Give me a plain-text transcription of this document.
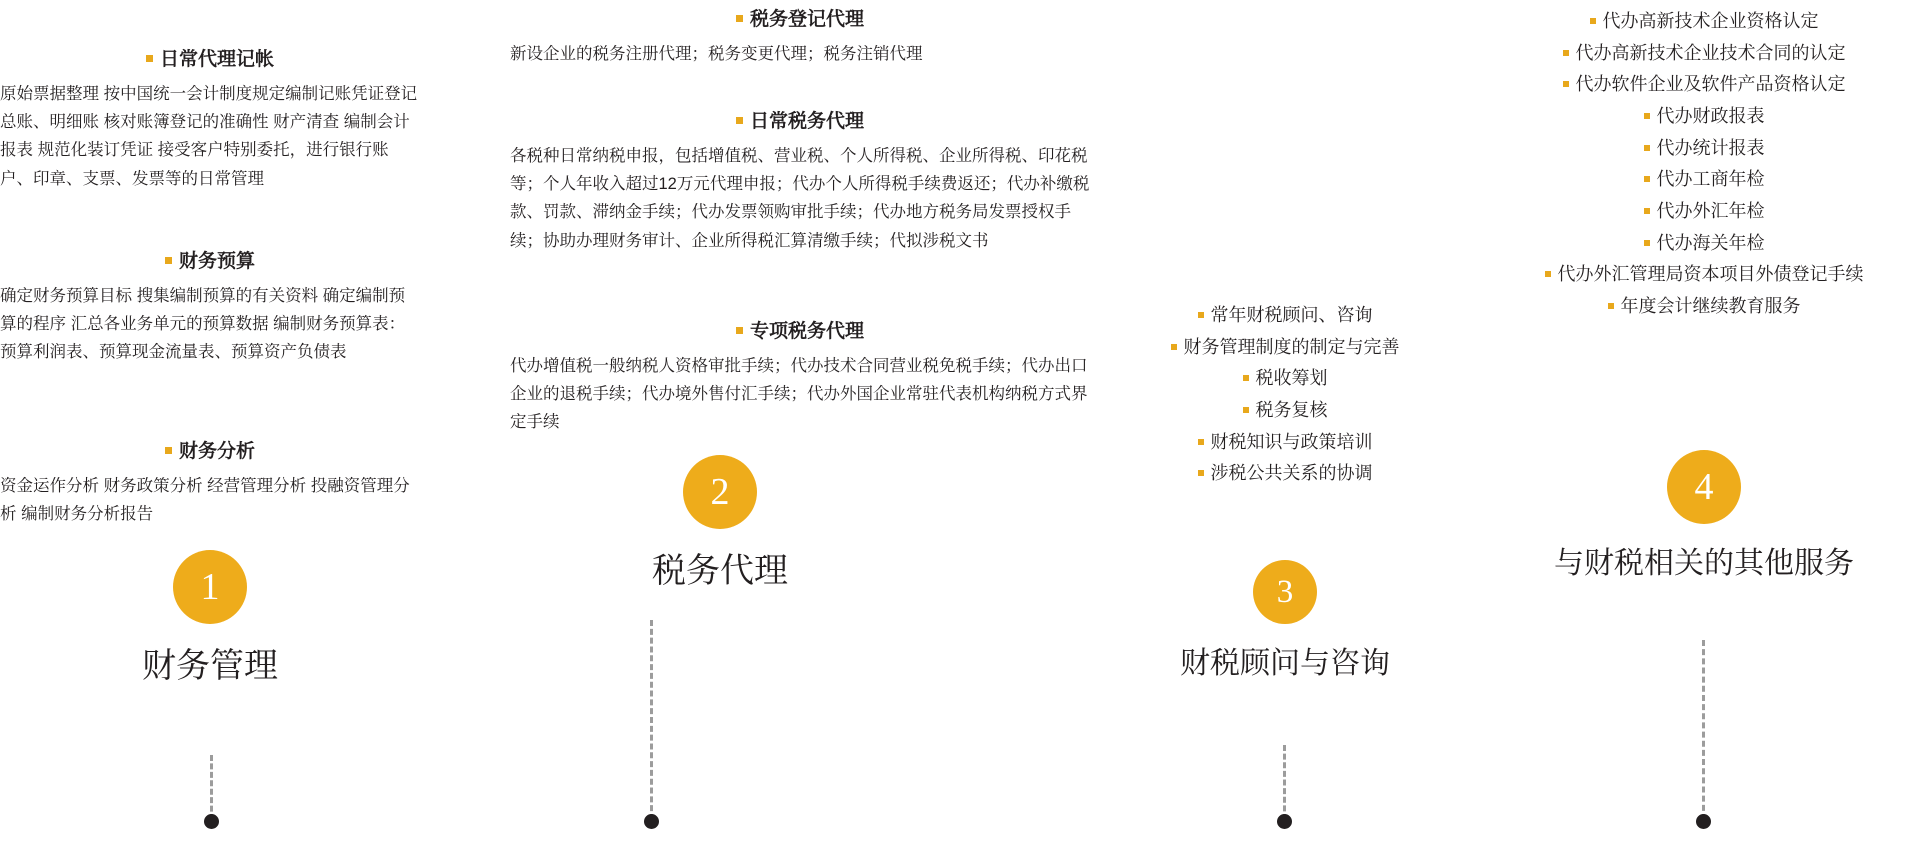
日常代理记帐

原始票据整理 按中国统一会计制度规定编制记账凭证登记总账、明细账 核对账簿登记的准确性 财产清查 编制会计报表 规范化装订凭证 接受客户特别委托，进行银行账户、印章、支票、发票等的日常管理

财务预算

确定财务预算目标 搜集编制预算的有关资料 确定编制预算的程序 汇总各业务单元的预算数据 编制财务预算表：预算利润表、预算现金流量表、预算资产负债表

财务分析

资金运作分析 财务政策分析 经营管理分析 投融资管理分析 编制财务分析报告

1
财务管理
税务登记代理

新设企业的税务注册代理；税务变更代理；税务注销代理

日常税务代理

各税种日常纳税申报，包括增值税、营业税、个人所得税、企业所得税、印花税等；个人年收入超过12万元代理申报；代办个人所得税手续费返还；代办补缴税款、罚款、滞纳金手续；代办发票领购审批手续；代办地方税务局发票授权手续；协助办理财务审计、企业所得税汇算清缴手续；代拟涉税文书

专项税务代理

代办增值税一般纳税人资格审批手续；代办技术合同营业税免税手续；代办出口企业的退税手续；代办境外售付汇手续；代办外国企业常驻代表机构纳税方式界定手续

2
税务代理
常年财税顾问、咨询
财务管理制度的制定与完善
税收筹划
税务复核
财税知识与政策培训
涉税公共关系的协调
3
财税顾问与咨询
代办高新技术企业资格认定
代办高新技术企业技术合同的认定
代办软件企业及软件产品资格认定
代办财政报表
代办统计报表
代办工商年检
代办外汇年检
代办海关年检
代办外汇管理局资本项目外债登记手续
年度会计继续教育服务
4
与财税相关的其他服务
